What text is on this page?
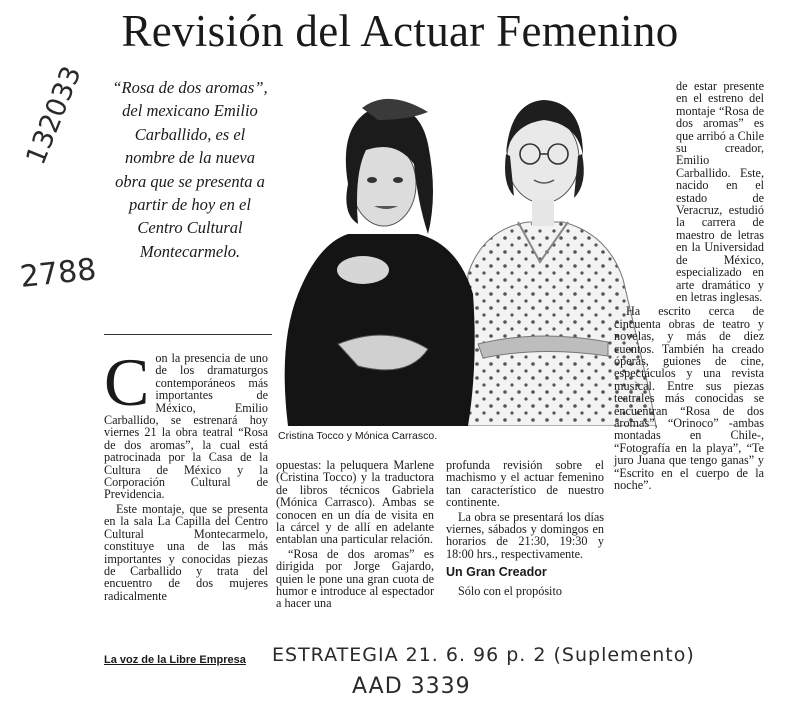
Revisión del Actuar Femenino
“Rosa de dos aromas”, del mexicano Emilio Carballido, es el nombre de la nueva obra que se presenta a partir de hoy en el Centro Cultural Montecarmelo.
132033
2788
Cristina Tocco y Mónica Carrasco.
C on la presencia de uno de los dramaturgos contemporáneos más importantes de México, Emilio Carballido, se estrenará hoy viernes 21 la obra teatral “Rosa de dos aromas”, la cual está patrocinada por la Casa de la Cultura de México y la Corporación Cultural de Previdencia.
Este montaje, que se presenta en la sala La Capilla del Centro Cultural Montecarmelo, constituye una de las más importantes y conocidas piezas de Carballido y trata del encuentro de dos mujeres radicalmente
opuestas: la peluquera Marlene (Cristina Tocco) y la traductora de libros técnicos Gabriela (Mónica Carrasco). Ambas se conocen en un día de visita en la cárcel y de allí en adelante entablan una particular relación.
“Rosa de dos aromas” es dirigida por Jorge Gajardo, quien le pone una gran cuota de humor e introduce al espectador a hacer una
profunda revisión sobre el machismo y el actuar femenino tan característico de nuestro continente.
La obra se presentará los días viernes, sábados y domingos en horarios de 21:30, 19:30 y 18:00 hrs., respectivamente.
Un Gran Creador
Sólo con el propósito
de estar presente en el estreno del montaje “Rosa de dos aromas” es que arribó a Chile su creador, Emilio Carballido. Este, nacido en el estado de Veracruz, estudió la carrera de maestro de letras en la Universidad de México, especializado en arte dramático y en letras inglesas.
Ha escrito cerca de cincuenta obras de teatro y novelas, y más de diez cuentos. También ha creado óperas, guiones de cine, espectáculos y una revista musical. Entre sus piezas teatrales más conocidas se encuentran “Rosa de dos aromas”, “Orinoco” -ambas montadas en Chile-, “Fotografía en la playa”, “Te juro Juana que tengo ganas” y “Escrito en el cuerpo de la noche”.
La voz de la Libre Empresa ESTRATEGIA 21. 6. 96 p. 2 (Suplemento)
AAD 3339
